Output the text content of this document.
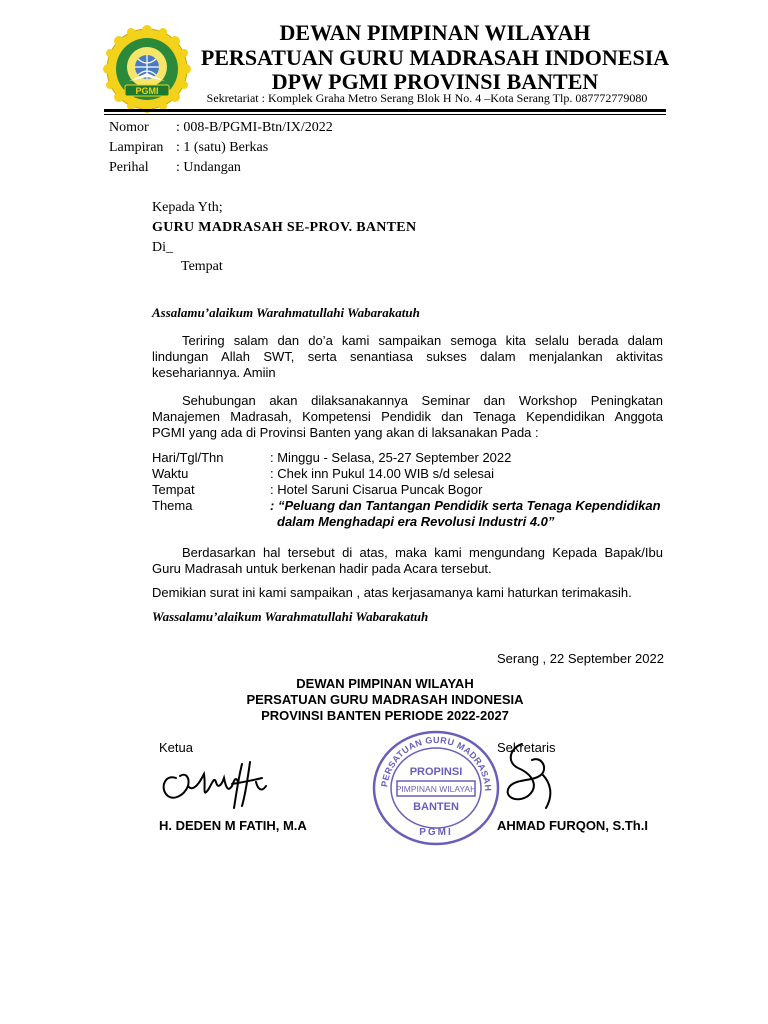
PGMI
DEWAN PIMPINAN WILAYAH
PERSATUAN GURU MADRASAH INDONESIA
DPW PGMI PROVINSI BANTEN
Sekretariat : Komplek Graha Metro Serang Blok H No. 4 –Kota Serang Tlp. 087772779080
Nomor : 008-B/PGMI-Btn/IX/2022
Lampiran : 1 (satu) Berkas
Perihal : Undangan
Kepada Yth;
GURU MADRASAH SE-PROV. BANTEN
Di_
Tempat
Assalamu’alaikum Warahmatullahi Wabarakatuh
Teriring salam dan do’a kami sampaikan semoga kita selalu berada dalam
lindungan Allah SWT, serta senantiasa sukses dalam menjalankan aktivitas
kesehariannya. Amiin
Sehubungan akan dilaksanakannya Seminar dan Workshop Peningkatan
Manajemen Madrasah, Kompetensi Pendidik dan Tenaga Kependidikan Anggota
PGMI yang ada di Provinsi Banten yang akan di laksanakan Pada :
Hari/Tgl/Thn	: Minggu - Selasa, 25-27 September 2022
Waktu	: Chek inn Pukul 14.00 WIB s/d selesai
Tempat	: Hotel Saruni Cisarua Puncak Bogor
Thema	: “Peluang dan Tantangan Pendidik serta Tenaga Kependidikan
dalam Menghadapi era Revolusi Industri 4.0”
Berdasarkan hal tersebut di atas, maka kami mengundang Kepada Bapak/Ibu
Guru Madrasah untuk berkenan hadir pada Acara tersebut.
Demikian surat ini kami sampaikan , atas kerjasamanya kami haturkan terimakasih.
Wassalamu’alaikum Warahmatullahi Wabarakatuh
Serang , 22 September 2022
DEWAN PIMPINAN WILAYAH
PERSATUAN GURU MADRASAH INDONESIA
PROVINSI BANTEN PERIODE 2022-2027
Ketua	Sekretaris
PERSATUAN GURU MADRASAH
PROPINSI
PIMPINAN WILAYAH
BANTEN
PGMI
H. DEDEN M FATIH, M.A	AHMAD FURQON, S.Th.I
